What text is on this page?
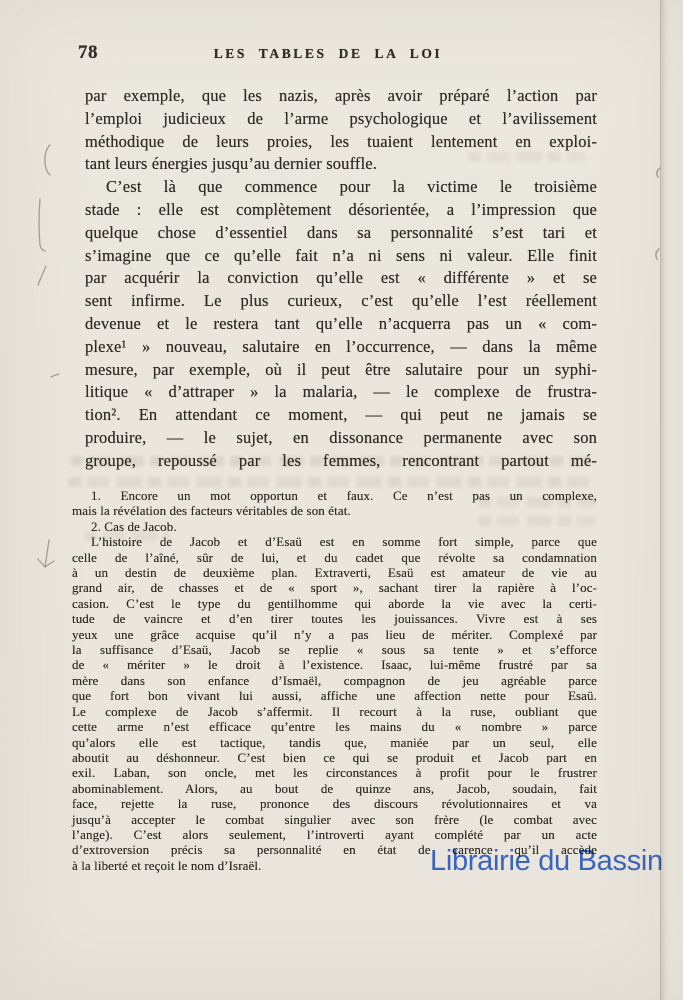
78	LES TABLES DE LA LOI
par exemple, que les nazis, après avoir préparé l’action par
l’emploi judicieux de l’arme psychologique et l’avilissement
méthodique de leurs proies, les tuaient lentement en exploi-
tant leurs énergies jusqu’au dernier souffle.
C’est là que commence pour la victime le troisième
stade : elle est complètement désorientée, a l’impression que
quelque chose d’essentiel dans sa personnalité s’est tari et
s’imagine que ce qu’elle fait n’a ni sens ni valeur. Elle finit
par acquérir la conviction qu’elle est « différente » et se
sent infirme. Le plus curieux, c’est qu’elle l’est réellement
devenue et le restera tant qu’elle n’acquerra pas un « com-
plexe¹ » nouveau, salutaire en l’occurrence, — dans la même
mesure, par exemple, où il peut être salutaire pour un syphi-
litique « d’attraper » la malaria, — le complexe de frustra-
tion². En attendant ce moment, — qui peut ne jamais se
produire, — le sujet, en dissonance permanente avec son
groupe, repoussé par les femmes, rencontrant partout mé-
1. Encore un mot opportun et faux. Ce n’est pas un complexe,
mais la révélation des facteurs véritables de son état.
2. Cas de Jacob.
L’histoire de Jacob et d’Esaü est en somme fort simple, parce que
celle de l’aîné, sûr de lui, et du cadet que révolte sa condamnation
à un destin de deuxième plan. Extraverti, Esaü est amateur de vie au
grand air, de chasses et de « sport », sachant tirer la rapière à l’oc-
casion. C’est le type du gentilhomme qui aborde la vie avec la certi-
tude de vaincre et d’en tirer toutes les jouissances. Vivre est à ses
yeux une grâce acquise qu’il n’y a pas lieu de mériter. Complexé par
la suffisance d’Esaü, Jacob se replie « sous sa tente » et s’efforce
de « mériter » le droit à l’existence. Isaac, lui-même frustré par sa
mère dans son enfance d’Ismaël, compagnon de jeu agréable parce
que fort bon vivant lui aussi, affiche une affection nette pour Esaü.
Le complexe de Jacob s’affermit. Il recourt à la ruse, oubliant que
cette arme n’est efficace qu’entre les mains du « nombre » parce
qu’alors elle est tactique, tandis que, maniée par un seul, elle
aboutit au déshonneur. C’est bien ce qui se produit et Jacob part en
exil. Laban, son oncle, met les circonstances à profit pour le frustrer
abominablement. Alors, au bout de quinze ans, Jacob, soudain, fait
face, rejette la ruse, prononce des discours révolutionnaires et va
jusqu’à accepter le combat singulier avec son frère (le combat avec
l’ange). C’est alors seulement, l’introverti ayant complété par un acte
d’extroversion précis sa personnalité en état de carence qu’il accède
à la liberté et reçoit le nom d’Israël.	Librairie du Bassin
